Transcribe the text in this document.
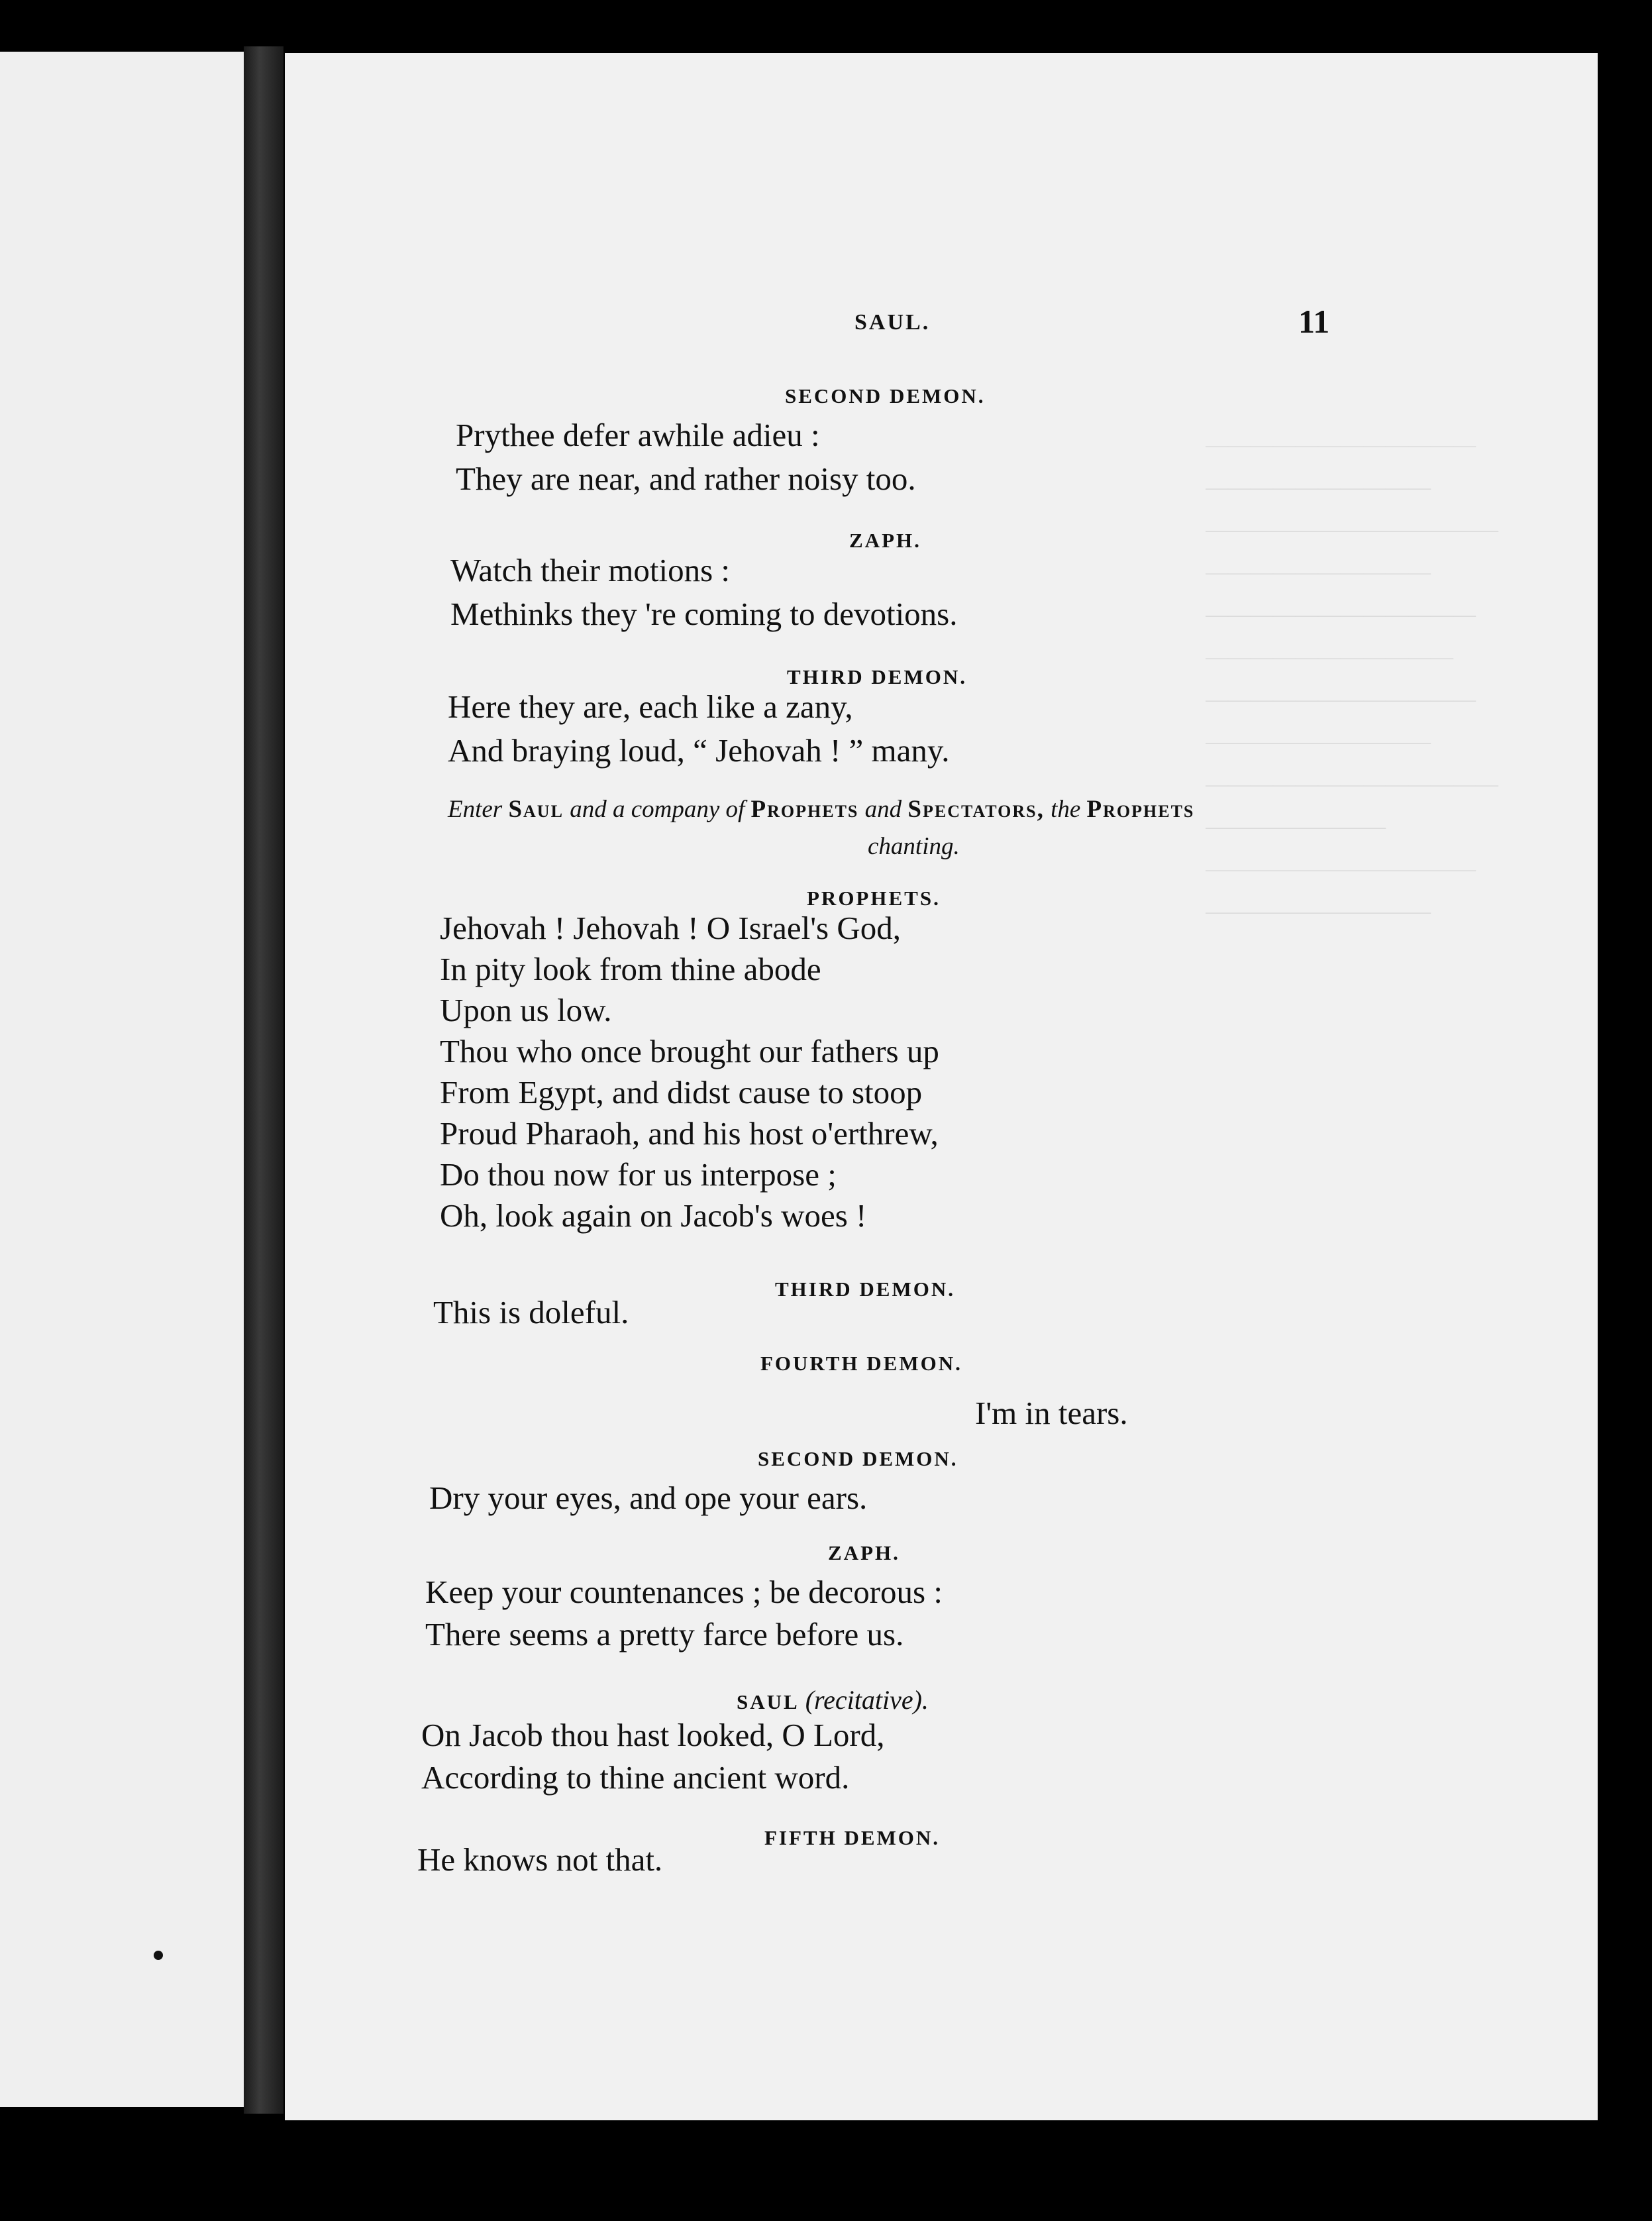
————————————
——————————
—————————————
——————————
————————————
———————————
————————————
——————————
—————————————
————————
————————————
——————————
SAUL.	11
SECOND DEMON.
Prythee defer awhile adieu :
They are near, and rather noisy too.
ZAPH.
Watch their motions :
Methinks they 're coming to devotions.
THIRD DEMON.
Here they are, each like a zany,
And braying loud, “ Jehovah ! ” many.
Enter Saul and a company of Prophets and Spectators, the Prophets
chanting.
PROPHETS.
Jehovah ! Jehovah ! O Israel's God,
In pity look from thine abode
Upon us low.
Thou who once brought our fathers up
From Egypt, and didst cause to stoop
Proud Pharaoh, and his host o'erthrew,
Do thou now for us interpose ;
Oh, look again on Jacob's woes !
THIRD DEMON.
This is doleful.
FOURTH DEMON.
I'm in tears.
SECOND DEMON.
Dry your eyes, and ope your ears.
ZAPH.
Keep your countenances ; be decorous :
There seems a pretty farce before us.
SAUL (recitative).
On Jacob thou hast looked, O Lord,
According to thine ancient word.
FIFTH DEMON.
He knows not that.
